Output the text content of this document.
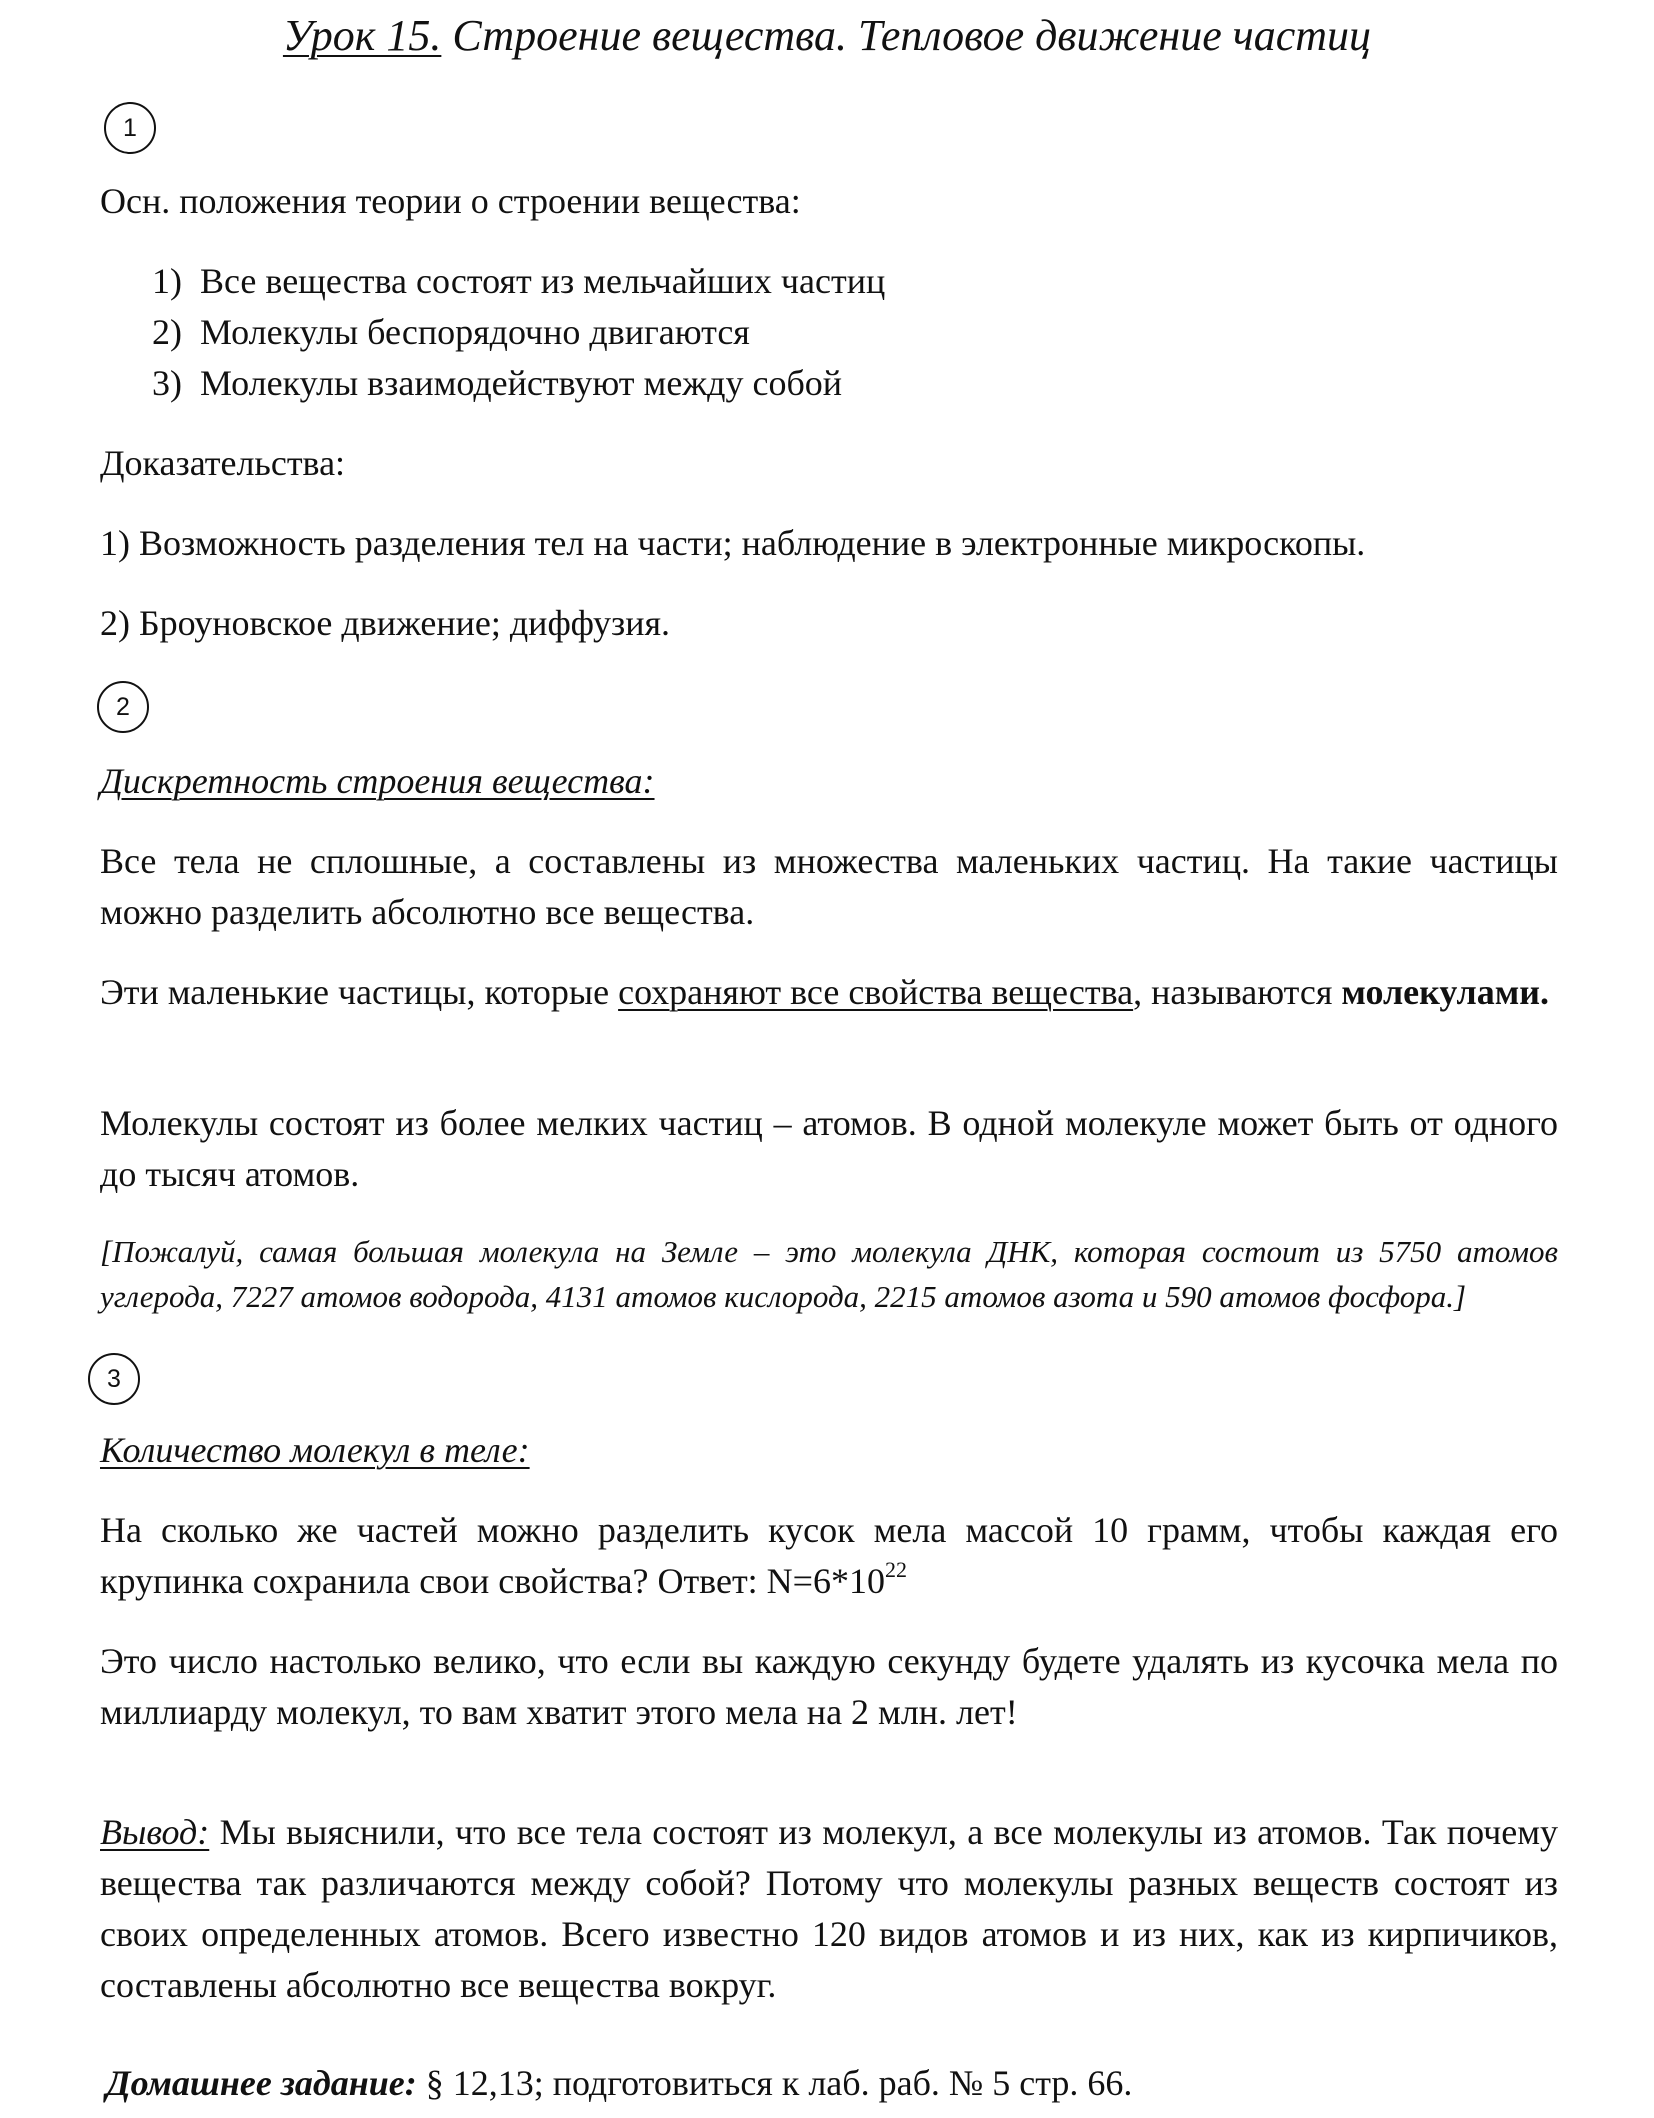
Урок 15. Строение вещества. Тепловое движение частиц
1
Осн. положения теории о строении вещества:
1) Все вещества состоят из мельчайших частиц
2) Молекулы беспорядочно двигаются
3) Молекулы взаимодействуют между собой
Доказательства:
1) Возможность разделения тел на части; наблюдение в электронные микроскопы.
2) Броуновское движение; диффузия.
2
Дискретность строения вещества:
Все тела не сплошные, а составлены из множества маленьких частиц. На такие частицы можно разделить абсолютно все вещества.
Эти маленькие частицы, которые сохраняют все свойства вещества, называются молекулами.
Молекулы состоят из более мелких частиц – атомов. В одной молекуле может быть от одного до тысяч атомов.
[Пожалуй, самая большая молекула на Земле – это молекула ДНК, которая состоит из 5750 атомов углерода, 7227 атомов водорода, 4131 атомов кислорода, 2215 атомов азота и 590 атомов фосфора.]
3
Количество молекул в теле:
На сколько же частей можно разделить кусок мела массой 10 грамм, чтобы каждая его крупинка сохранила свои свойства? Ответ: $N=6*10^{22}$
Это число настолько велико, что если вы каждую секунду будете удалять из кусочка мела по миллиарду молекул, то вам хватит этого мела на 2 млн. лет!
Вывод: Мы выяснили, что все тела состоят из молекул, а все молекулы из атомов. Так почему вещества так различаются между собой? Потому что молекулы разных веществ состоят из своих определенных атомов. Всего известно 120 видов атомов и из них, как из кирпичиков, составлены абсолютно все вещества вокруг.
Домашнее задание: § 12,13; подготовиться к лаб. раб. № 5 стр. 66.
